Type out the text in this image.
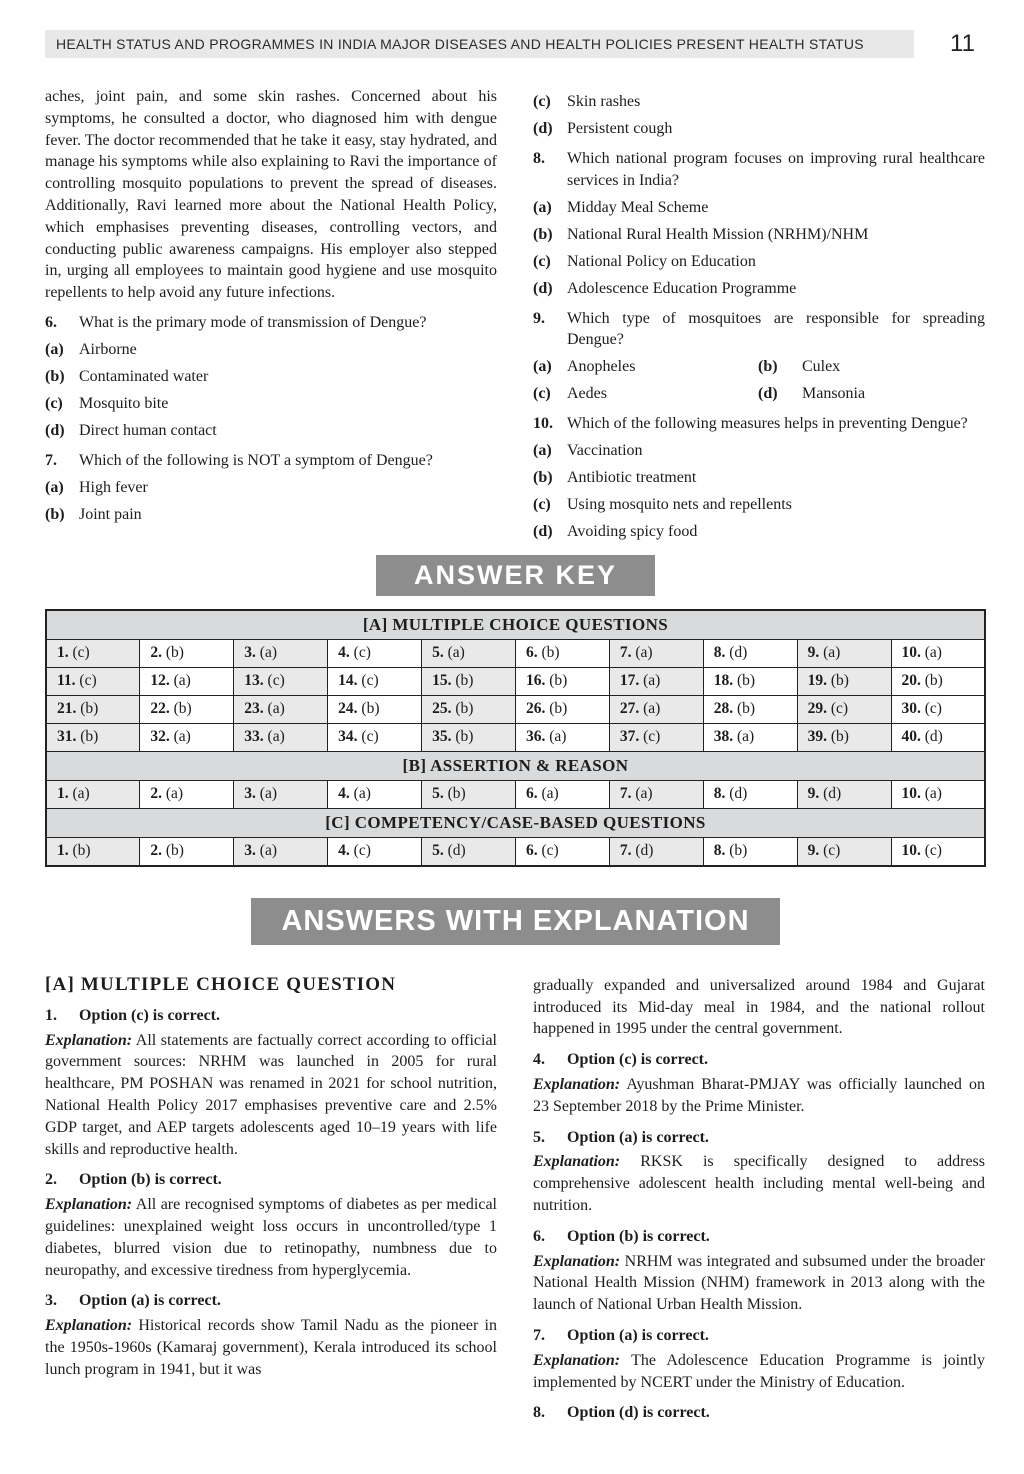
HEALTH STATUS AND PROGRAMMES IN INDIA MAJOR DISEASES AND HEALTH POLICIES PRESENT HEALTH STATUS	11

aches, joint pain, and some skin rashes. Concerned about his symptoms, he consulted a doctor, who diagnosed him with dengue fever. The doctor recommended that he take it easy, stay hydrated, and manage his symptoms while also explaining to Ravi the importance of controlling mosquito populations to prevent the spread of diseases. Additionally, Ravi learned more about the National Health Policy, which emphasises preventing diseases, controlling vectors, and conducting public awareness campaigns. His employer also stepped in, urging all employees to maintain good hygiene and use mosquito repellents to help avoid any future infections.

6.	What is the primary mode of transmission of Dengue?
(a) Airborne
(b) Contaminated water
(c)	Mosquito bite
(d) Direct human contact
7.	Which of the following is NOT a symptom of Dengue?
(a) High fever
(b) Joint pain
(c)	Skin rashes
(d) Persistent cough
8.	Which national program focuses on improving rural healthcare services in India?
(a) Midday Meal Scheme
(b) National Rural Health Mission (NRHM)/NHM
(c)	National Policy on Education
(d) Adolescence Education Programme
9.	Which type of mosquitoes are responsible for spreading Dengue?
(a) Anopheles	(b)	Culex
(c)	Aedes	(d)	Mansonia
10. Which of the following measures helps in preventing Dengue?
(a) Vaccination
(b) Antibiotic treatment
(c)	Using mosquito nets and repellents
(d) Avoiding spicy food
ANSWER KEY
[A] MULTIPLE CHOICE QUESTIONS									
1. (c)	2. (b)	3. (a)	4. (c)	5. (a)	6. (b)	7. (a)	8. (d)	9. (a)	10. (a)
11. (c)	12. (a)	13. (c)	14. (c)	15. (b)	16. (b)	17. (a)	18. (b)	19. (b)	20. (b)
21. (b)	22. (b)	23. (a)	24. (b)	25. (b)	26. (b)	27. (a)	28. (b)	29. (c)	30. (c)
31. (b)	32. (a)	33. (a)	34. (c)	35. (b)	36. (a)	37. (c)	38. (a)	39. (b)	40. (d)
[B] ASSERTION & REASON									
1. (a)	2. (a)	3. (a)	4. (a)	5. (b)	6. (a)	7. (a)	8. (d)	9. (d)	10. (a)
[C] COMPETENCY/CASE-BASED QUESTIONS									
1. (b)	2. (b)	3. (a)	4. (c)	5. (d)	6. (c)	7. (d)	8. (b)	9. (c)	10. (c)
ANSWERS WITH EXPLANATION
[A] MULTIPLE CHOICE QUESTION
1.	Option (c) is correct.

Explanation: All statements are factually correct according to official government sources: NRHM was launched in 2005 for rural healthcare, PM POSHAN was renamed in 2021 for school nutrition, National Health Policy 2017 emphasises preventive care and 2.5% GDP target, and AEP targets adolescents aged 10–19 years with life skills and reproductive health.

2.	Option (b) is correct.

Explanation: All are recognised symptoms of diabetes as per medical guidelines: unexplained weight loss occurs in uncontrolled/type 1 diabetes, blurred vision due to retinopathy, numbness due to neuropathy, and excessive tiredness from hyperglycemia.

3.	Option (a) is correct.

Explanation: Historical records show Tamil Nadu as the pioneer in the 1950s-1960s (Kamaraj government), Kerala introduced its school lunch program in 1941, but it was

gradually expanded and universalized around 1984 and Gujarat introduced its Mid-day meal in 1984, and the national rollout happened in 1995 under the central government.

4.	Option (c) is correct.

Explanation: Ayushman Bharat-PMJAY was officially launched on 23 September 2018 by the Prime Minister.

5.	Option (a) is correct.

Explanation: RKSK is specifically designed to address comprehensive adolescent health including mental well-being and nutrition.

6.	Option (b) is correct.

Explanation: NRHM was integrated and subsumed under the broader National Health Mission (NHM) framework in 2013 along with the launch of National Urban Health Mission.

7.	Option (a) is correct.

Explanation: The Adolescence Education Programme is jointly implemented by NCERT under the Ministry of Education.

8.	Option (d) is correct.
